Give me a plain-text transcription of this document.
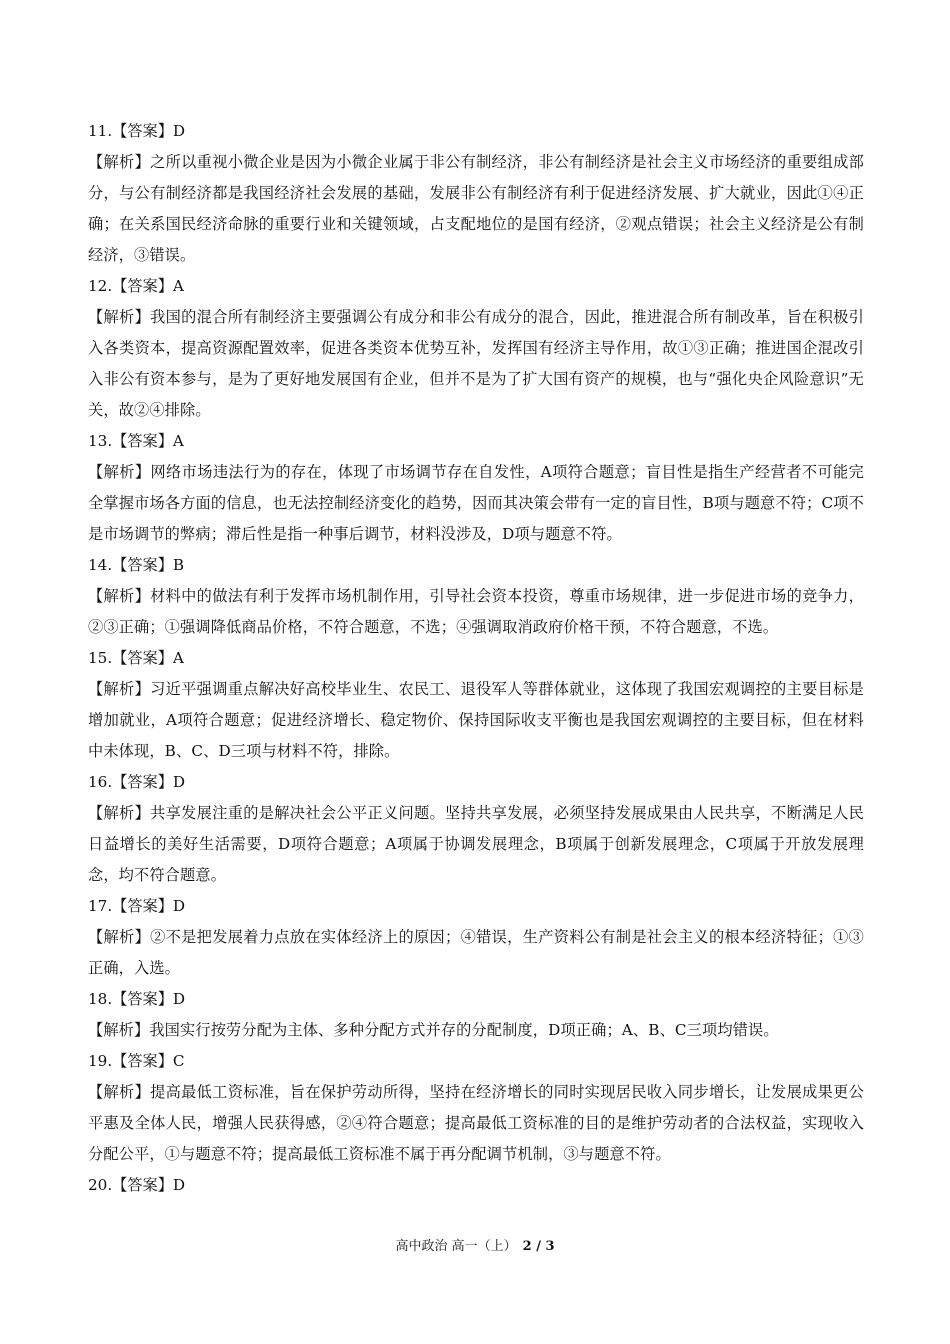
11.【答案】D
【解析】之所以重视小微企业是因为小微企业属于非公有制经济，非公有制经济是社会主义市场经济的重要组成部分，与公有制经济都是我国经济社会发展的基础，发展非公有制经济有利于促进经济发展、扩大就业，因此①④正确；在关系国民经济命脉的重要行业和关键领域，占支配地位的是国有经济，②观点错误；社会主义经济是公有制经济，③错误。
12.【答案】A
【解析】我国的混合所有制经济主要强调公有成分和非公有成分的混合，因此，推进混合所有制改革，旨在积极引入各类资本，提高资源配置效率，促进各类资本优势互补，发挥国有经济主导作用，故①③正确；推进国企混改引入非公有资本参与，是为了更好地发展国有企业，但并不是为了扩大国有资产的规模，也与“强化央企风险意识”无关，故②④排除。
13.【答案】A
【解析】网络市场违法行为的存在，体现了市场调节存在自发性，A项符合题意；盲目性是指生产经营者不可能完全掌握市场各方面的信息，也无法控制经济变化的趋势，因而其决策会带有一定的盲目性，B项与题意不符；C项不是市场调节的弊病；滞后性是指一种事后调节，材料没涉及，D项与题意不符。
14.【答案】B
【解析】材料中的做法有利于发挥市场机制作用，引导社会资本投资，尊重市场规律，进一步促进市场的竞争力，②③正确；①强调降低商品价格，不符合题意，不选；④强调取消政府价格干预，不符合题意，不选。
15.【答案】A
【解析】习近平强调重点解决好高校毕业生、农民工、退役军人等群体就业，这体现了我国宏观调控的主要目标是增加就业，A项符合题意；促进经济增长、稳定物价、保持国际收支平衡也是我国宏观调控的主要目标，但在材料中未体现，B、C、D三项与材料不符，排除。
16.【答案】D
【解析】共享发展注重的是解决社会公平正义问题。坚持共享发展，必须坚持发展成果由人民共享，不断满足人民日益增长的美好生活需要，D项符合题意；A项属于协调发展理念，B项属于创新发展理念，C项属于开放发展理念，均不符合题意。
17.【答案】D
【解析】②不是把发展着力点放在实体经济上的原因；④错误，生产资料公有制是社会主义的根本经济特征；①③正确，入选。
18.【答案】D
【解析】我国实行按劳分配为主体、多种分配方式并存的分配制度，D项正确；A、B、C三项均错误。
19.【答案】C
【解析】提高最低工资标准，旨在保护劳动所得，坚持在经济增长的同时实现居民收入同步增长，让发展成果更公平惠及全体人民，增强人民获得感，②④符合题意；提高最低工资标准的目的是维护劳动者的合法权益，实现收入分配公平，①与题意不符；提高最低工资标准不属于再分配调节机制，③与题意不符。
20.【答案】D
高中政治 高一（上） 2 / 3
